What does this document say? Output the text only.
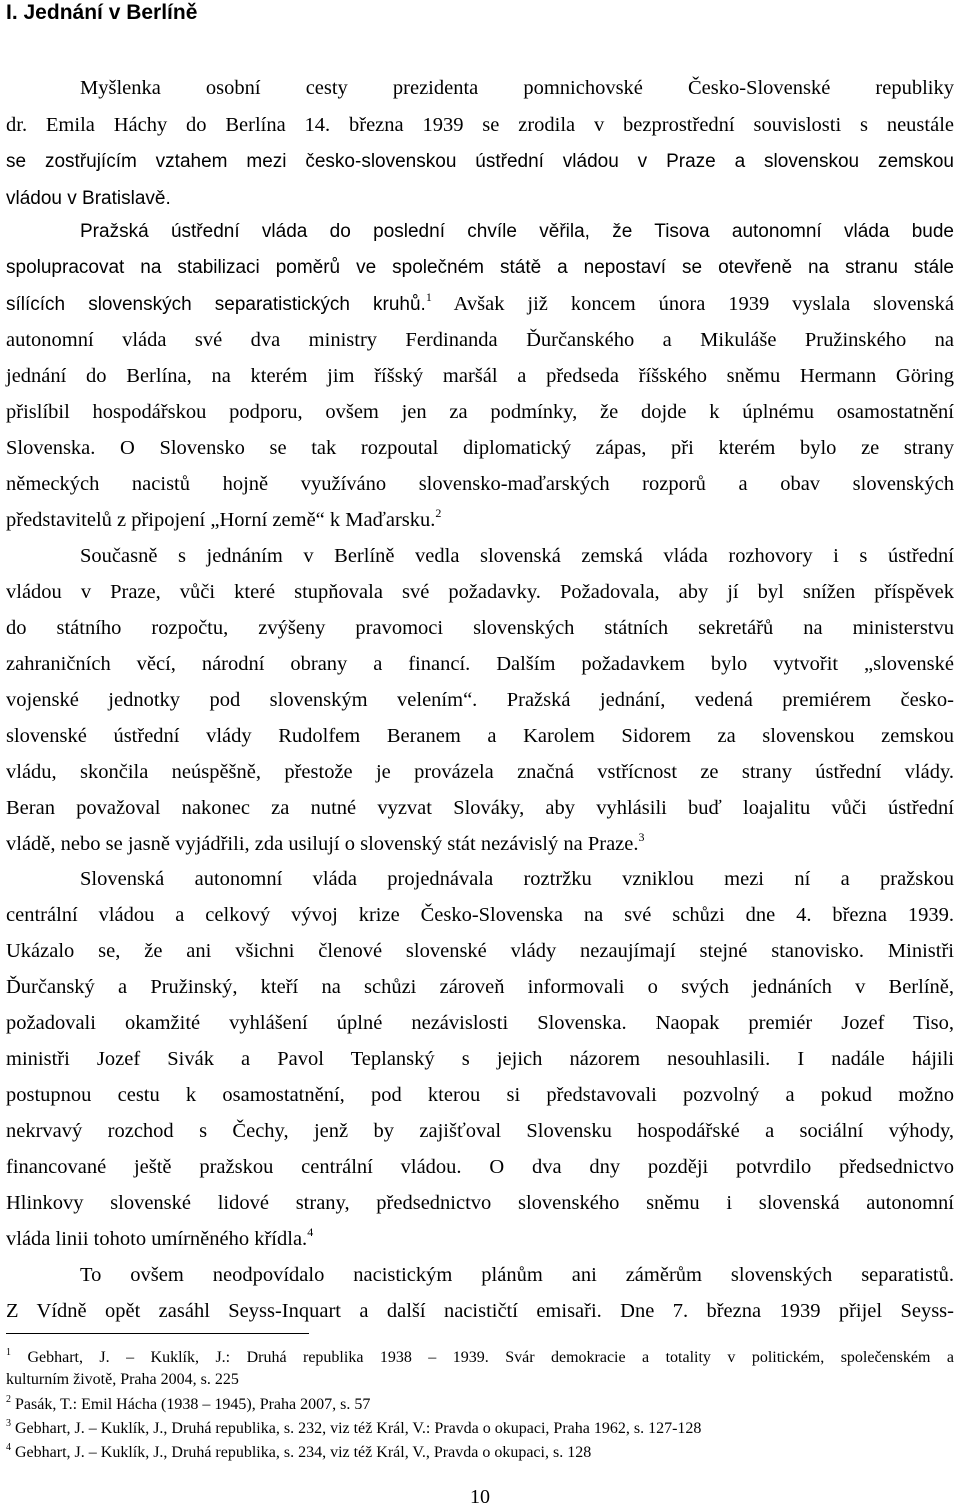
I. Jednání v Berlíně
Myšlenka osobní cesty prezidenta pomnichovské Česko-Slovenské republiky
dr. Emila Háchy do Berlína 14. března 1939 se zrodila v bezprostřední souvislosti s neustále
se zostřujícím vztahem mezi česko-slovenskou ústřední vládou v Praze a slovenskou zemskou
vládou v Bratislavě.
Pražská ústřední vláda do poslední chvíle věřila, že Tisova autonomní vláda bude
spolupracovat na stabilizaci poměrů ve společném státě a nepostaví se otevřeně na stranu stále
sílících slovenských separatistických kruhů.$^1$ Avšak již koncem února 1939 vyslala slovenská
autonomní vláda své dva ministry Ferdinanda Ďurčanského a Mikuláše Pružinského na
jednání do Berlína, na kterém jim říšský maršál a předseda říšského sněmu Hermann Göring
přislíbil hospodářskou podporu, ovšem jen za podmínky, že dojde k úplnému osamostatnění
Slovenska. O Slovensko se tak rozpoutal diplomatický zápas, při kterém bylo ze strany
německých nacistů hojně využíváno slovensko-maďarských rozporů a obav slovenských
představitelů z připojení „Horní země“ k Maďarsku.$^2$
Současně s jednáním v Berlíně vedla slovenská zemská vláda rozhovory i s ústřední
vládou v Praze, vůči které stupňovala své požadavky. Požadovala, aby jí byl snížen příspěvek
do státního rozpočtu, zvýšeny pravomoci slovenských státních sekretářů na ministerstvu
zahraničních věcí, národní obrany a financí. Dalším požadavkem bylo vytvořit „slovenské
vojenské jednotky pod slovenským velením“. Pražská jednání, vedená premiérem česko-
slovenské ústřední vlády Rudolfem Beranem a Karolem Sidorem za slovenskou zemskou
vládu, skončila neúspěšně, přestože je provázela značná vstřícnost ze strany ústřední vlády.
Beran považoval nakonec za nutné vyzvat Slováky, aby vyhlásili buď loajalitu vůči ústřední
vládě, nebo se jasně vyjádřili, zda usilují o slovenský stát nezávislý na Praze.$^3$
Slovenská autonomní vláda projednávala roztržku vzniklou mezi ní a pražskou
centrální vládou a celkový vývoj krize Česko-Slovenska na své schůzi dne 4. března 1939.
Ukázalo se, že ani všichni členové slovenské vlády nezaujímají stejné stanovisko. Ministři
Ďurčanský a Pružinský, kteří na schůzi zároveň informovali o svých jednáních v Berlíně,
požadovali okamžité vyhlášení úplné nezávislosti Slovenska. Naopak premiér Jozef Tiso,
ministři Jozef Sivák a Pavol Teplanský s jejich názorem nesouhlasili. I nadále hájili
postupnou cestu k osamostatnění, pod kterou si představovali pozvolný a pokud možno
nekrvavý rozchod s Čechy, jenž by zajišťoval Slovensku hospodářské a sociální výhody,
financované ještě pražskou centrální vládou. O dva dny později potvrdilo předsednictvo
Hlinkovy slovenské lidové strany, předsednictvo slovenského sněmu i slovenská autonomní
vláda linii tohoto umírněného křídla.$^4$
To ovšem neodpovídalo nacistickým plánům ani záměrům slovenských separatistů.
Z Vídně opět zasáhl Seyss-Inquart a další nacističtí emisaři. Dne 7. března 1939 přijel Seyss-
$^1$ Gebhart, J. – Kuklík, J.: Druhá republika 1938 – 1939. Svár demokracie a totality v politickém, společenském a
kulturním životě, Praha 2004, s. 225
$^2$ Pasák, T.: Emil Hácha (1938 – 1945), Praha 2007, s. 57
$^3$ Gebhart, J. – Kuklík, J., Druhá republika, s. 232, viz též Král, V.: Pravda o okupaci, Praha 1962, s. 127-128
$^4$ Gebhart, J. – Kuklík, J., Druhá republika, s. 234, viz též Král, V., Pravda o okupaci, s. 128
10
